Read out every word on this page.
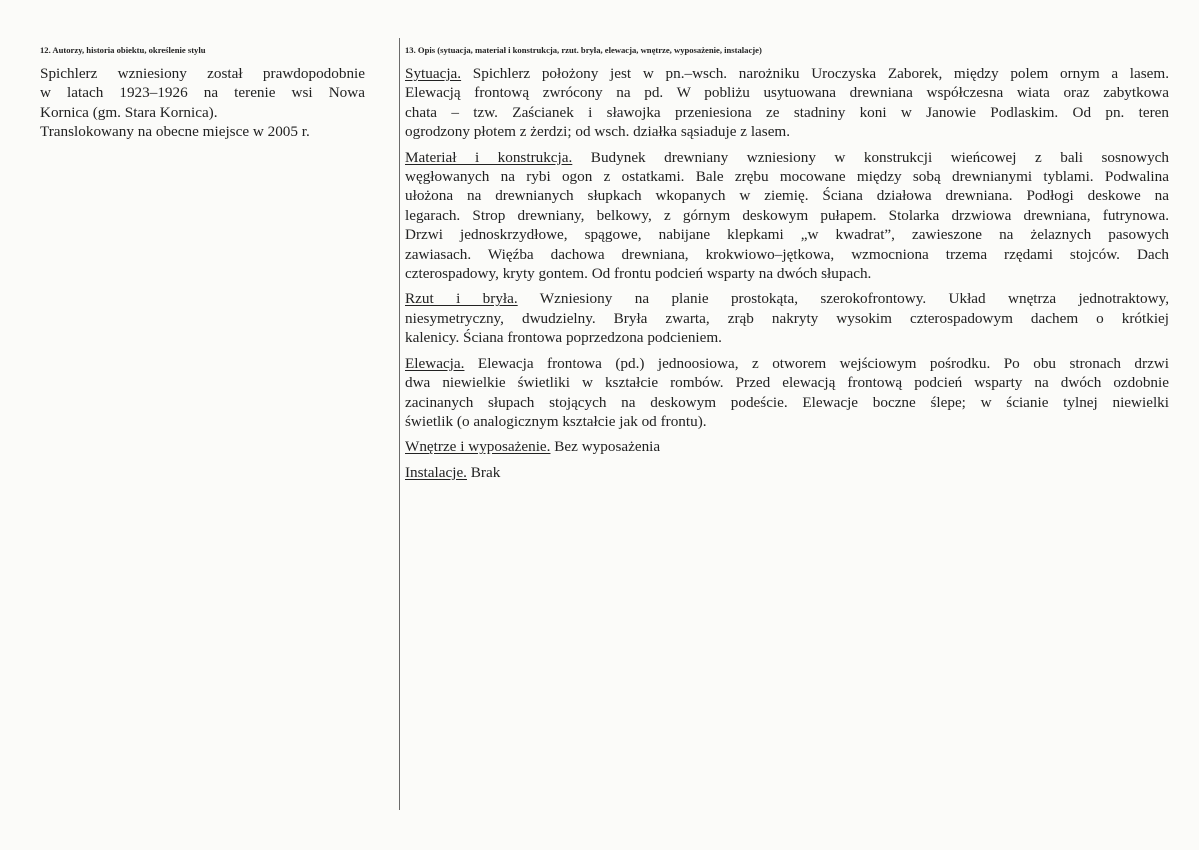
12. Autorzy, historia obiektu, określenie stylu
Spichlerz wzniesiony został prawdopodobnie
w latach 1923–1926 na terenie wsi Nowa
Kornica (gm. Stara Kornica).
Translokowany na obecne miejsce w 2005 r.
13. Opis (sytuacja, materiał i konstrukcja, rzut. bryła, elewacja, wnętrze, wyposażenie, instalacje)
Sytuacja. Spichlerz położony jest w pn.–wsch. narożniku Uroczyska Zaborek, między polem ornym a lasem.
Elewacją frontową zwrócony na pd. W pobliżu usytuowana drewniana współczesna wiata oraz zabytkowa
chata – tzw. Zaścianek i sławojka przeniesiona ze stadniny koni w Janowie Podlaskim. Od pn. teren
ogrodzony płotem z żerdzi; od wsch. działka sąsiaduje z lasem.
Materiał i konstrukcja. Budynek drewniany wzniesiony w konstrukcji wieńcowej z bali sosnowych
węgłowanych na rybi ogon z ostatkami. Bale zrębu mocowane między sobą drewnianymi tyblami. Podwalina
ułożona na drewnianych słupkach wkopanych w ziemię. Ściana działowa drewniana. Podłogi deskowe na
legarach. Strop drewniany, belkowy, z górnym deskowym pułapem. Stolarka drzwiowa drewniana, futrynowa.
Drzwi jednoskrzydłowe, spągowe, nabijane klepkami „w kwadrat”, zawieszone na żelaznych pasowych
zawiasach. Więźba dachowa drewniana, krokwiowo–jętkowa, wzmocniona trzema rzędami stojców. Dach
czterospadowy, kryty gontem. Od frontu podcień wsparty na dwóch słupach.
Rzut i bryła. Wzniesiony na planie prostokąta, szerokofrontowy. Układ wnętrza jednotraktowy,
niesymetryczny, dwudzielny. Bryła zwarta, zrąb nakryty wysokim czterospadowym dachem o krótkiej
kalenicy. Ściana frontowa poprzedzona podcieniem.
Elewacja. Elewacja frontowa (pd.) jednoosiowa, z otworem wejściowym pośrodku. Po obu stronach drzwi
dwa niewielkie świetliki w kształcie rombów. Przed elewacją frontową podcień wsparty na dwóch ozdobnie
zacinanych słupach stojących na deskowym podeście. Elewacje boczne ślepe; w ścianie tylnej niewielki
świetlik (o analogicznym kształcie jak od frontu).
Wnętrze i wyposażenie. Bez wyposażenia
Instalacje. Brak
